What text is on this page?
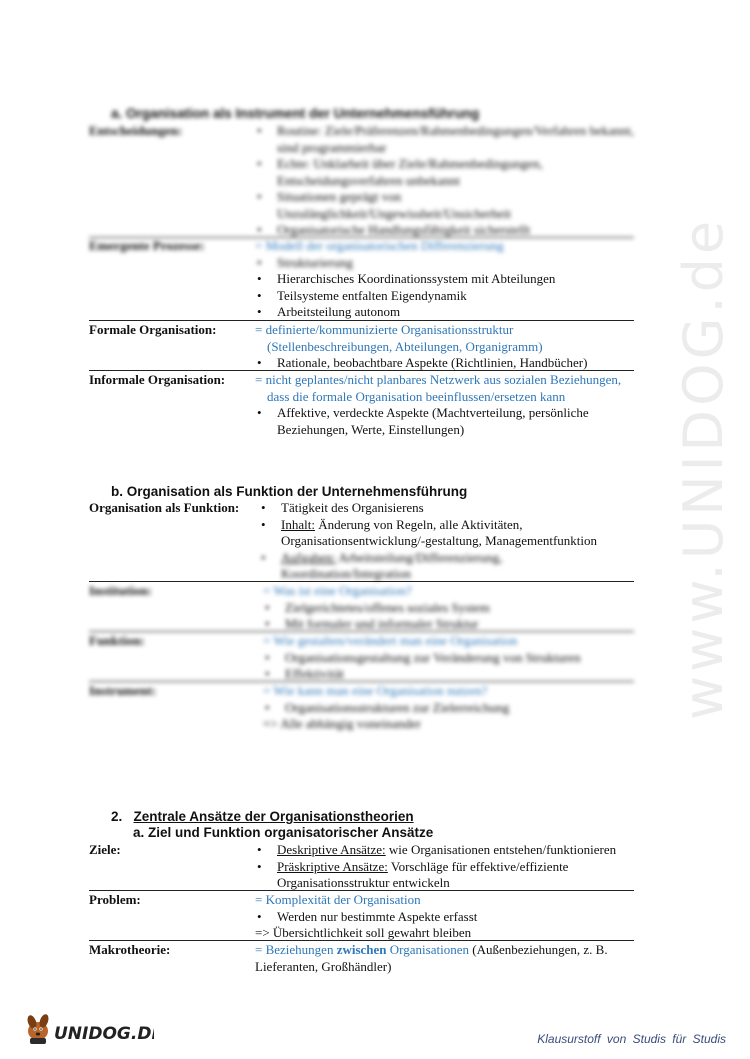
www.UNIDOG.de
a. Organisation als Instrument der Unternehmensführung
Entscheidungen:	• Routine: Ziele/Präferenzen/Rahmenbedingungen/Verfahren bekannt, sind programmierbar
• Echte: Unklarheit über Ziele/Rahmenbedingungen, Entscheidungsverfahren unbekannt
• Situationen geprägt von Unzulänglichkeit/Ungewissheit/Unsicherheit
• Organisatorische Handlungsfähigkeit sicherstellt
Emergente Prozesse:	= Modell der organisatorischen Differenzierung
• Strukturierung
• Hierarchisches Koordinationssystem mit Abteilungen
• Teilsysteme entfalten Eigendynamik
• Arbeitsteilung autonom
Formale Organisation:	= definierte/kommunizierte Organisationsstruktur
(Stellenbeschreibungen, Abteilungen, Organigramm)
• Rationale, beobachtbare Aspekte (Richtlinien, Handbücher)
Informale Organisation:	= nicht geplantes/nicht planbares Netzwerk aus sozialen Beziehungen,
dass die formale Organisation beeinflussen/ersetzen kann
• Affektive, verdeckte Aspekte (Machtverteilung, persönliche Beziehungen, Werte, Einstellungen)
b. Organisation als Funktion der Unternehmensführung
Organisation als Funktion:	• Tätigkeit des Organisierens
• Inhalt: Änderung von Regeln, alle Aktivitäten, Organisationsentwicklung/-gestaltung, Managementfunktion
• Aufgaben: Arbeitsteilung/Differenzierung, Koordination/Integration
Institution:	= Was ist eine Organisation?
• Zielgerichtetes/offenes soziales System
• Mit formaler und informaler Struktur
Funktion:	= Wie gestalten/verändert man eine Organisation
• Organisationsgestaltung zur Veränderung von Strukturen
• Effektivität
Instrument:	= Wie kann man eine Organisation nutzen?
• Organisationsstrukturen zur Zielerreichung
=> Alle abhängig voneinander
2.   Zentrale Ansätze der Organisationstheorien
a. Ziel und Funktion organisatorischer Ansätze
Ziele:	• Deskriptive Ansätze: wie Organisationen entstehen/funktionieren
• Präskriptive Ansätze: Vorschläge für effektive/effiziente Organisationsstruktur entwickeln
Problem:	= Komplexität der Organisation
• Werden nur bestimmte Aspekte erfasst
=> Übersichtlichkeit soll gewahrt bleiben
Makrotheorie:	= Beziehungen zwischen Organisationen (Außenbeziehungen, z. B.
Lieferanten, Großhändler)
UNIDOG.DE	Klausurstoff von Studis für Studis
